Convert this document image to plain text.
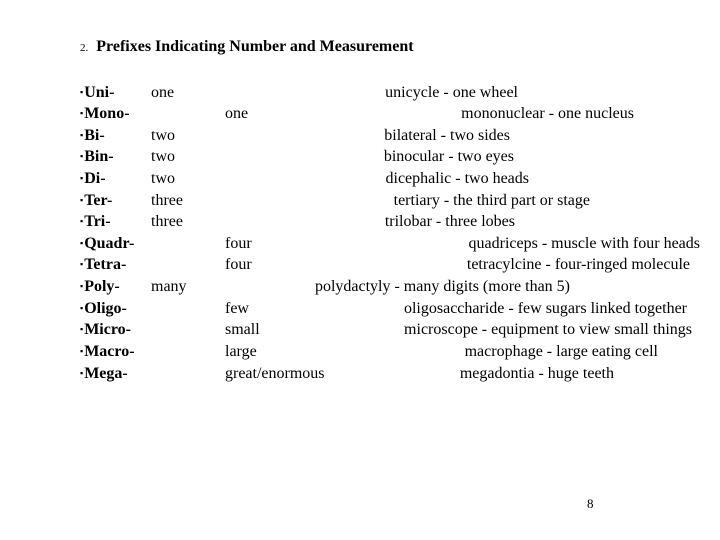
2. Prefixes Indicating Number and Measurement
▪Uni- one	unicycle - one wheel
▪Mono-	one	mononuclear - one nucleus
▪Bi-	two	bilateral - two sides
▪Bin- two	binocular - two eyes
▪Di-	two	dicephalic - two heads
▪Ter- three	tertiary - the third part or stage
▪Tri-	three	trilobar - three lobes
▪Quadr-	four	quadriceps - muscle with four heads
▪Tetra-	four	tetracylcine - four-ringed molecule
▪Poly- many	polydactyly - many digits (more than 5)
▪Oligo-	few	oligosaccharide - few sugars linked together
▪Micro-	small	microscope - equipment to view small things
▪Macro-	large	macrophage - large eating cell
▪Mega-	great/enormous	megadontia - huge teeth
8
